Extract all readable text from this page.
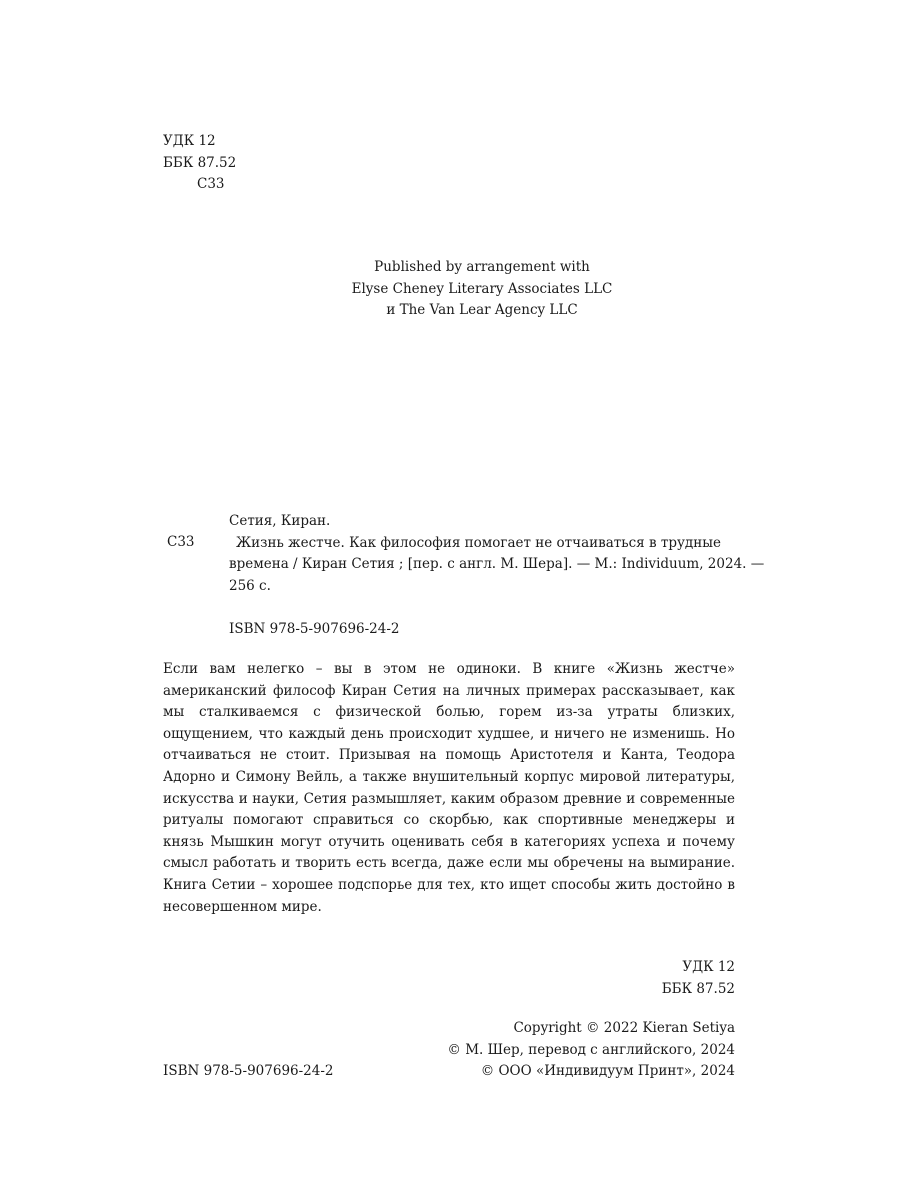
УДК 12
ББК 87.52
С33
Published by arrangement with
Elyse Cheney Literary Associates LLC
и The Van Lear Agency LLC
С33
Сетия, Киран.
Жизнь жестче. Как философия помогает не отчаиваться в трудные
времена / Киран Сетия ; [пер. с англ. М. Шера]. — М.: Individuum, 2024. —
256 с.
ISBN 978-5-907696-24-2

Если вам нелегко – вы в этом не одиноки. В книге «Жизнь жестче» американский философ Киран Сетия на личных примерах рассказывает, как мы сталкиваемся с физической болью, горем из-за утраты близких, ощущением, что каждый день происходит худшее, и ничего не изменишь. Но отчаиваться не стоит. Призывая на помощь Аристотеля и Канта, Теодора Адорно и Симону Вейль, а также внушительный корпус мировой литературы, искусства и науки, Сетия размышляет, каким образом древние и современные ритуалы помогают справиться со скорбью, как спортивные менеджеры и князь Мышкин могут отучить оценивать себя в категориях успеха и почему смысл работать и творить есть всегда, даже если мы обречены на вымирание. Книга Сетии – хорошее подспорье для тех, кто ищет способы жить достойно в несовершенном мире.

УДК 12
ББК 87.52
Copyright © 2022 Kieran Setiya
© М. Шер, перевод с английского, 2024
© ООО «Индивидуум Принт», 2024
ISBN 978-5-907696-24-2
